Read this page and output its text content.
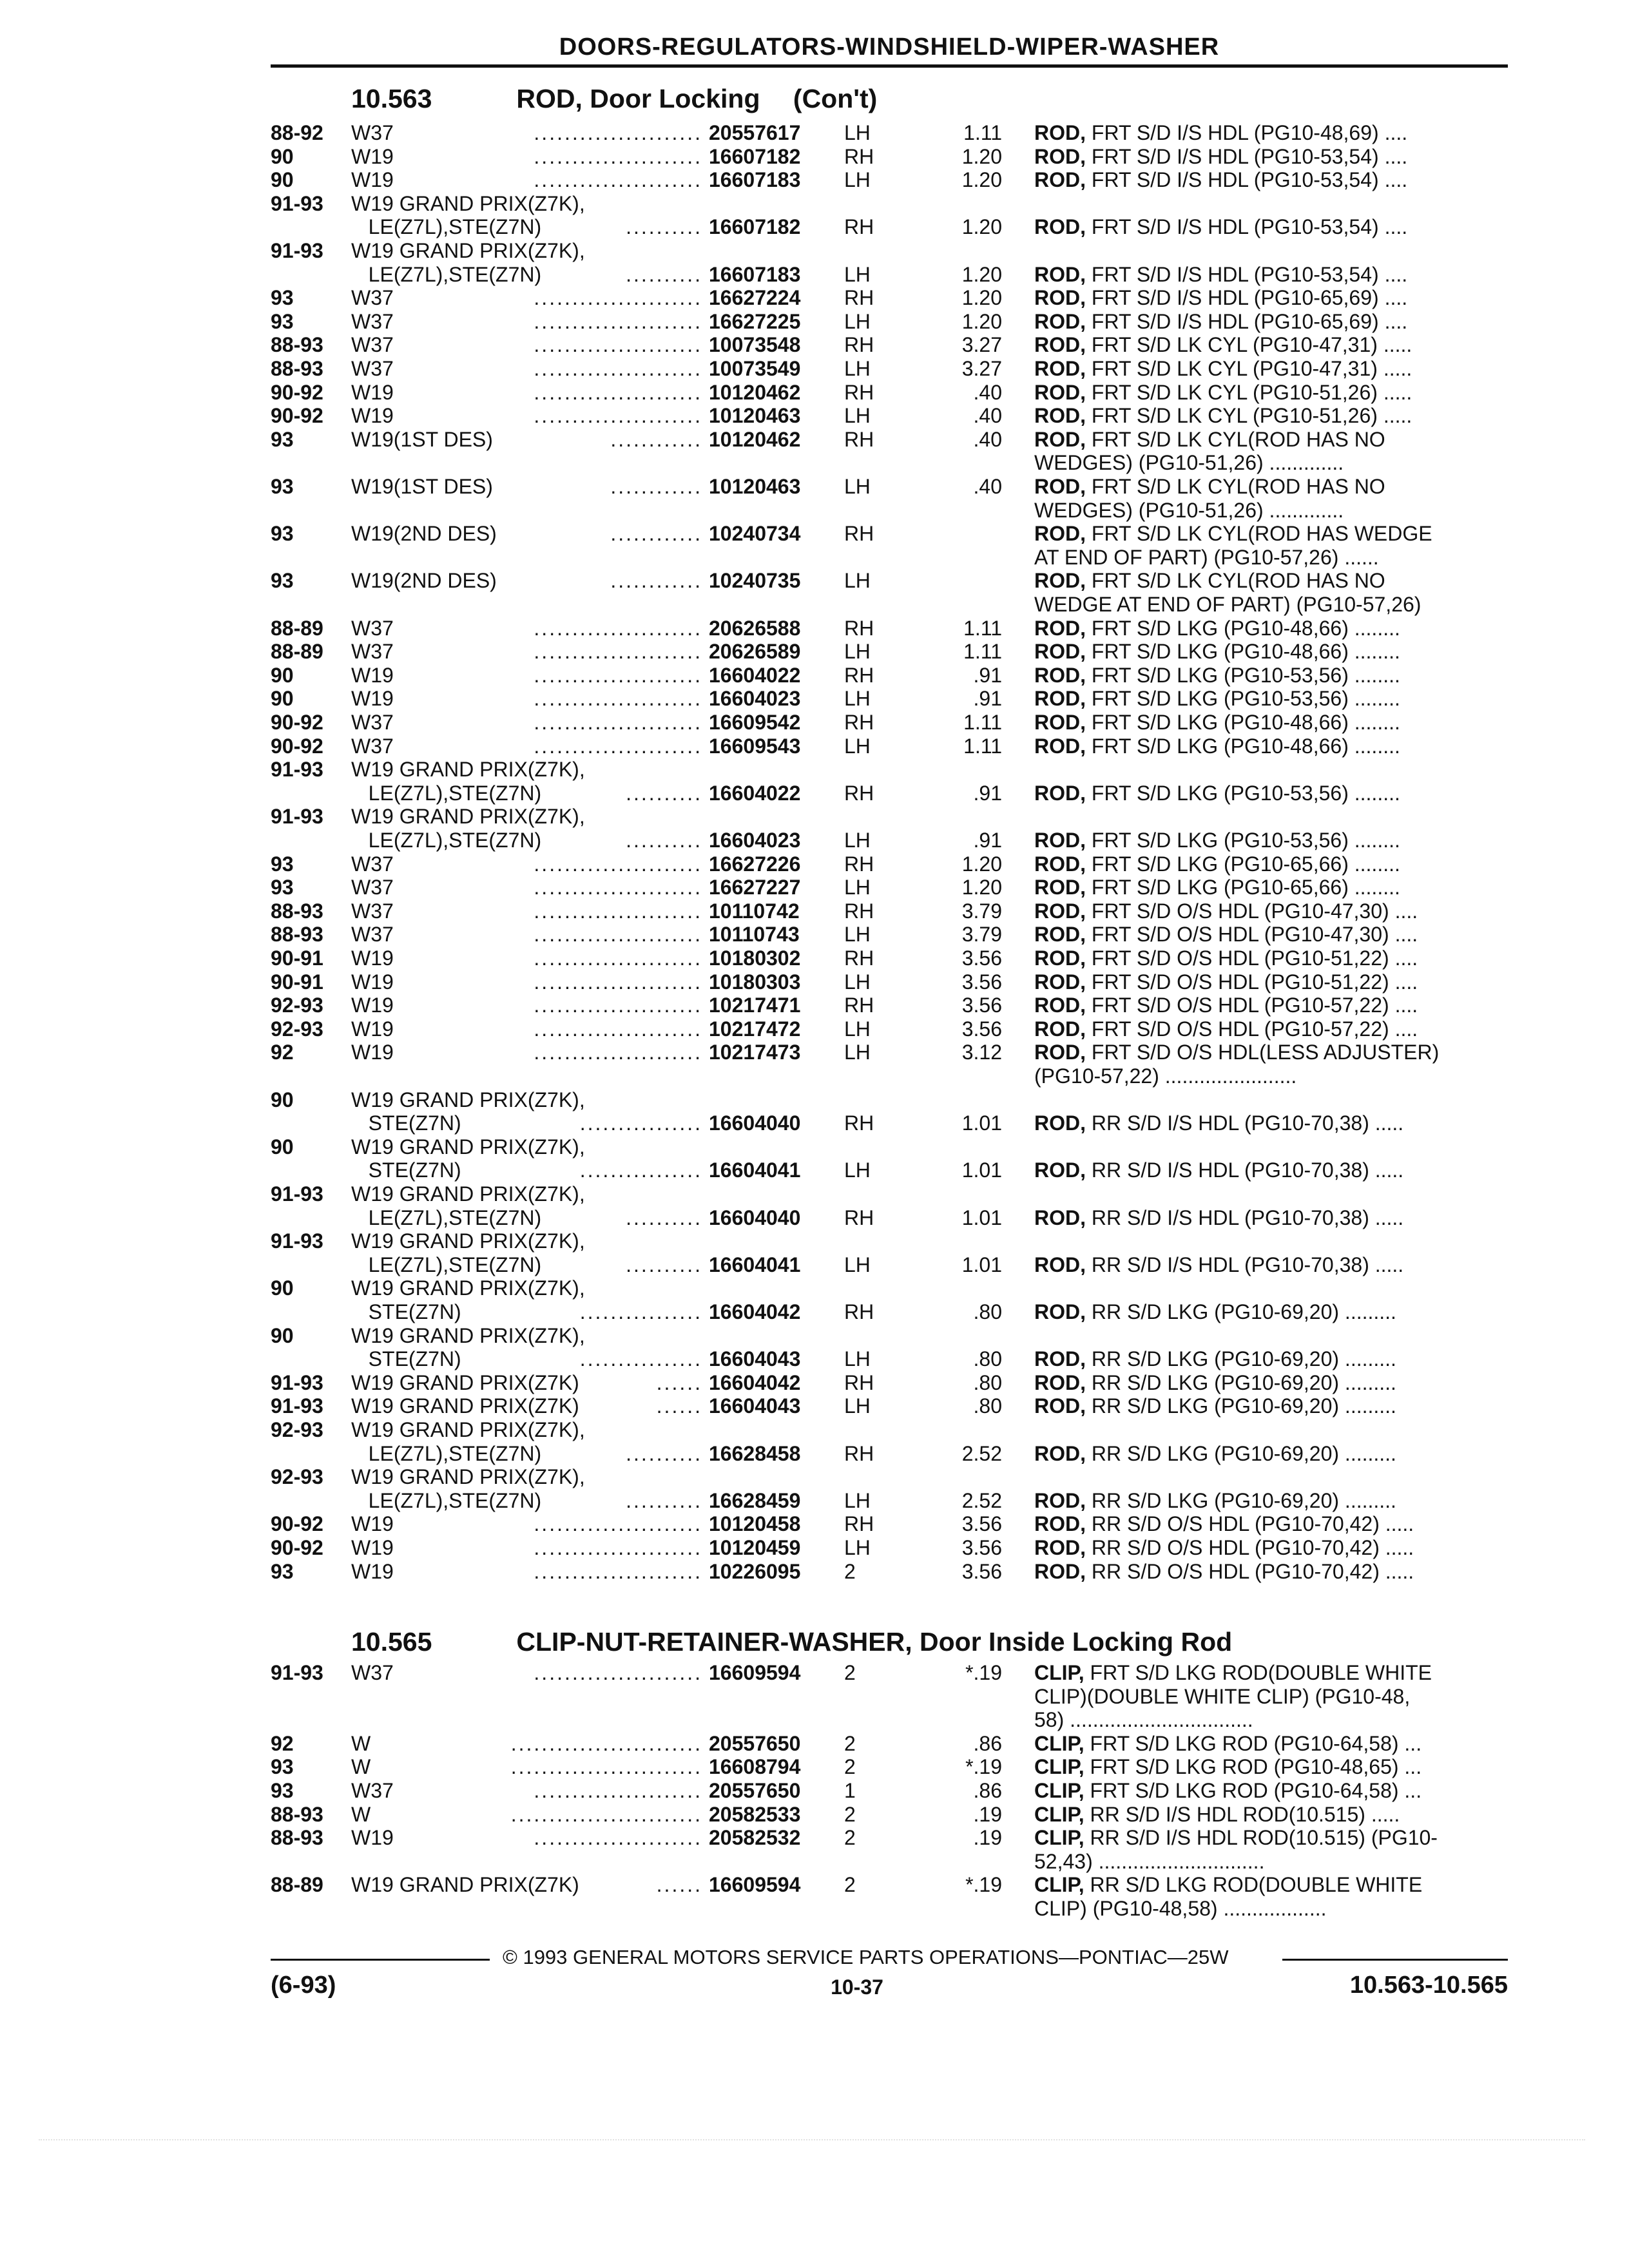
DOORS-REGULATORS-WINDSHIELD-WIPER-WASHER
10.563	ROD, Door Locking (Con't)
88-92 W37	...................... 20557617 LH	1.11 ROD, FRT S/D I/S HDL (PG10-48,69) ....
90	W19	...................... 16607182 RH	1.20 ROD, FRT S/D I/S HDL (PG10-53,54) ....
90	W19	...................... 16607183 LH	1.20 ROD, FRT S/D I/S HDL (PG10-53,54) ....
91-93 W19 GRAND PRIX(Z7K),
LE(Z7L),STE(Z7N)	.......... 16607182 RH	1.20 ROD, FRT S/D I/S HDL (PG10-53,54) ....
91-93 W19 GRAND PRIX(Z7K),
LE(Z7L),STE(Z7N)	.......... 16607183 LH	1.20 ROD, FRT S/D I/S HDL (PG10-53,54) ....
93	W37	...................... 16627224 RH	1.20 ROD, FRT S/D I/S HDL (PG10-65,69) ....
93	W37	...................... 16627225 LH	1.20 ROD, FRT S/D I/S HDL (PG10-65,69) ....
88-93 W37	...................... 10073548 RH	3.27 ROD, FRT S/D LK CYL (PG10-47,31) .....
88-93 W37	...................... 10073549 LH	3.27 ROD, FRT S/D LK CYL (PG10-47,31) .....
90-92 W19	...................... 10120462 RH	.40 ROD, FRT S/D LK CYL (PG10-51,26) .....
90-92 W19	...................... 10120463 LH	.40 ROD, FRT S/D LK CYL (PG10-51,26) .....
93	W19(1ST DES)	............ 10120462 RH	.40 ROD, FRT S/D LK CYL(ROD HAS NO
WEDGES) (PG10-51,26) .............
93	W19(1ST DES)	............ 10120463 LH	.40 ROD, FRT S/D LK CYL(ROD HAS NO
WEDGES) (PG10-51,26) .............
93	W19(2ND DES)	............ 10240734 RH	ROD, FRT S/D LK CYL(ROD HAS WEDGE
AT END OF PART) (PG10-57,26) ......
93	W19(2ND DES)	............ 10240735 LH	ROD, FRT S/D LK CYL(ROD HAS NO
WEDGE AT END OF PART) (PG10-57,26)
88-89 W37	...................... 20626588 RH	1.11 ROD, FRT S/D LKG (PG10-48,66) ........
88-89 W37	...................... 20626589 LH	1.11 ROD, FRT S/D LKG (PG10-48,66) ........
90	W19	...................... 16604022 RH	.91 ROD, FRT S/D LKG (PG10-53,56) ........
90	W19	...................... 16604023 LH	.91 ROD, FRT S/D LKG (PG10-53,56) ........
90-92 W37	...................... 16609542 RH	1.11 ROD, FRT S/D LKG (PG10-48,66) ........
90-92 W37	...................... 16609543 LH	1.11 ROD, FRT S/D LKG (PG10-48,66) ........
91-93 W19 GRAND PRIX(Z7K),
LE(Z7L),STE(Z7N)	.......... 16604022 RH	.91 ROD, FRT S/D LKG (PG10-53,56) ........
91-93 W19 GRAND PRIX(Z7K),
LE(Z7L),STE(Z7N)	.......... 16604023 LH	.91 ROD, FRT S/D LKG (PG10-53,56) ........
93	W37	...................... 16627226 RH	1.20 ROD, FRT S/D LKG (PG10-65,66) ........
93	W37	...................... 16627227 LH	1.20 ROD, FRT S/D LKG (PG10-65,66) ........
88-93 W37	...................... 10110742 RH	3.79 ROD, FRT S/D O/S HDL (PG10-47,30) ....
88-93 W37	...................... 10110743 LH	3.79 ROD, FRT S/D O/S HDL (PG10-47,30) ....
90-91 W19	...................... 10180302 RH	3.56 ROD, FRT S/D O/S HDL (PG10-51,22) ....
90-91 W19	...................... 10180303 LH	3.56 ROD, FRT S/D O/S HDL (PG10-51,22) ....
92-93 W19	...................... 10217471 RH	3.56 ROD, FRT S/D O/S HDL (PG10-57,22) ....
92-93 W19	...................... 10217472 LH	3.56 ROD, FRT S/D O/S HDL (PG10-57,22) ....
92	W19	...................... 10217473 LH	3.12 ROD, FRT S/D O/S HDL(LESS ADJUSTER)
(PG10-57,22) .......................
90	W19 GRAND PRIX(Z7K),
STE(Z7N)	................ 16604040 RH	1.01 ROD, RR S/D I/S HDL (PG10-70,38) .....
90	W19 GRAND PRIX(Z7K),
STE(Z7N)	................ 16604041 LH	1.01 ROD, RR S/D I/S HDL (PG10-70,38) .....
91-93 W19 GRAND PRIX(Z7K),
LE(Z7L),STE(Z7N)	.......... 16604040 RH	1.01 ROD, RR S/D I/S HDL (PG10-70,38) .....
91-93 W19 GRAND PRIX(Z7K),
LE(Z7L),STE(Z7N)	.......... 16604041 LH	1.01 ROD, RR S/D I/S HDL (PG10-70,38) .....
90	W19 GRAND PRIX(Z7K),
STE(Z7N)	................ 16604042 RH	.80 ROD, RR S/D LKG (PG10-69,20) .........
90	W19 GRAND PRIX(Z7K),
STE(Z7N)	................ 16604043 LH	.80 ROD, RR S/D LKG (PG10-69,20) .........
91-93 W19 GRAND PRIX(Z7K)	...... 16604042 RH	.80 ROD, RR S/D LKG (PG10-69,20) .........
91-93 W19 GRAND PRIX(Z7K)	...... 16604043 LH	.80 ROD, RR S/D LKG (PG10-69,20) .........
92-93 W19 GRAND PRIX(Z7K),
LE(Z7L),STE(Z7N)	.......... 16628458 RH	2.52 ROD, RR S/D LKG (PG10-69,20) .........
92-93 W19 GRAND PRIX(Z7K),
LE(Z7L),STE(Z7N)	.......... 16628459 LH	2.52 ROD, RR S/D LKG (PG10-69,20) .........
90-92 W19	...................... 10120458 RH	3.56 ROD, RR S/D O/S HDL (PG10-70,42) .....
90-92 W19	...................... 10120459 LH	3.56 ROD, RR S/D O/S HDL (PG10-70,42) .....
93	W19	...................... 10226095 2	3.56 ROD, RR S/D O/S HDL (PG10-70,42) .....
10.565	CLIP-NUT-RETAINER-WASHER, Door Inside Locking Rod
91-93 W37	...................... 16609594 2	*.19 CLIP, FRT S/D LKG ROD(DOUBLE WHITE
CLIP)(DOUBLE WHITE CLIP) (PG10-48,
58) ................................
92	W	......................... 20557650 2	.86 CLIP, FRT S/D LKG ROD (PG10-64,58) ...
93	W	......................... 16608794 2	*.19 CLIP, FRT S/D LKG ROD (PG10-48,65) ...
93	W37	...................... 20557650 1	.86 CLIP, FRT S/D LKG ROD (PG10-64,58) ...
88-93 W	......................... 20582533 2	.19 CLIP, RR S/D I/S HDL ROD(10.515) .....
88-93 W19	...................... 20582532 2	.19 CLIP, RR S/D I/S HDL ROD(10.515) (PG10-
52,43) .............................
88-89 W19 GRAND PRIX(Z7K)	...... 16609594 2	*.19 CLIP, RR S/D LKG ROD(DOUBLE WHITE
CLIP) (PG10-48,58) ..................
© 1993 GENERAL MOTORS SERVICE PARTS OPERATIONS—PONTIAC—25W
(6-93)	10-37	10.563-10.565
